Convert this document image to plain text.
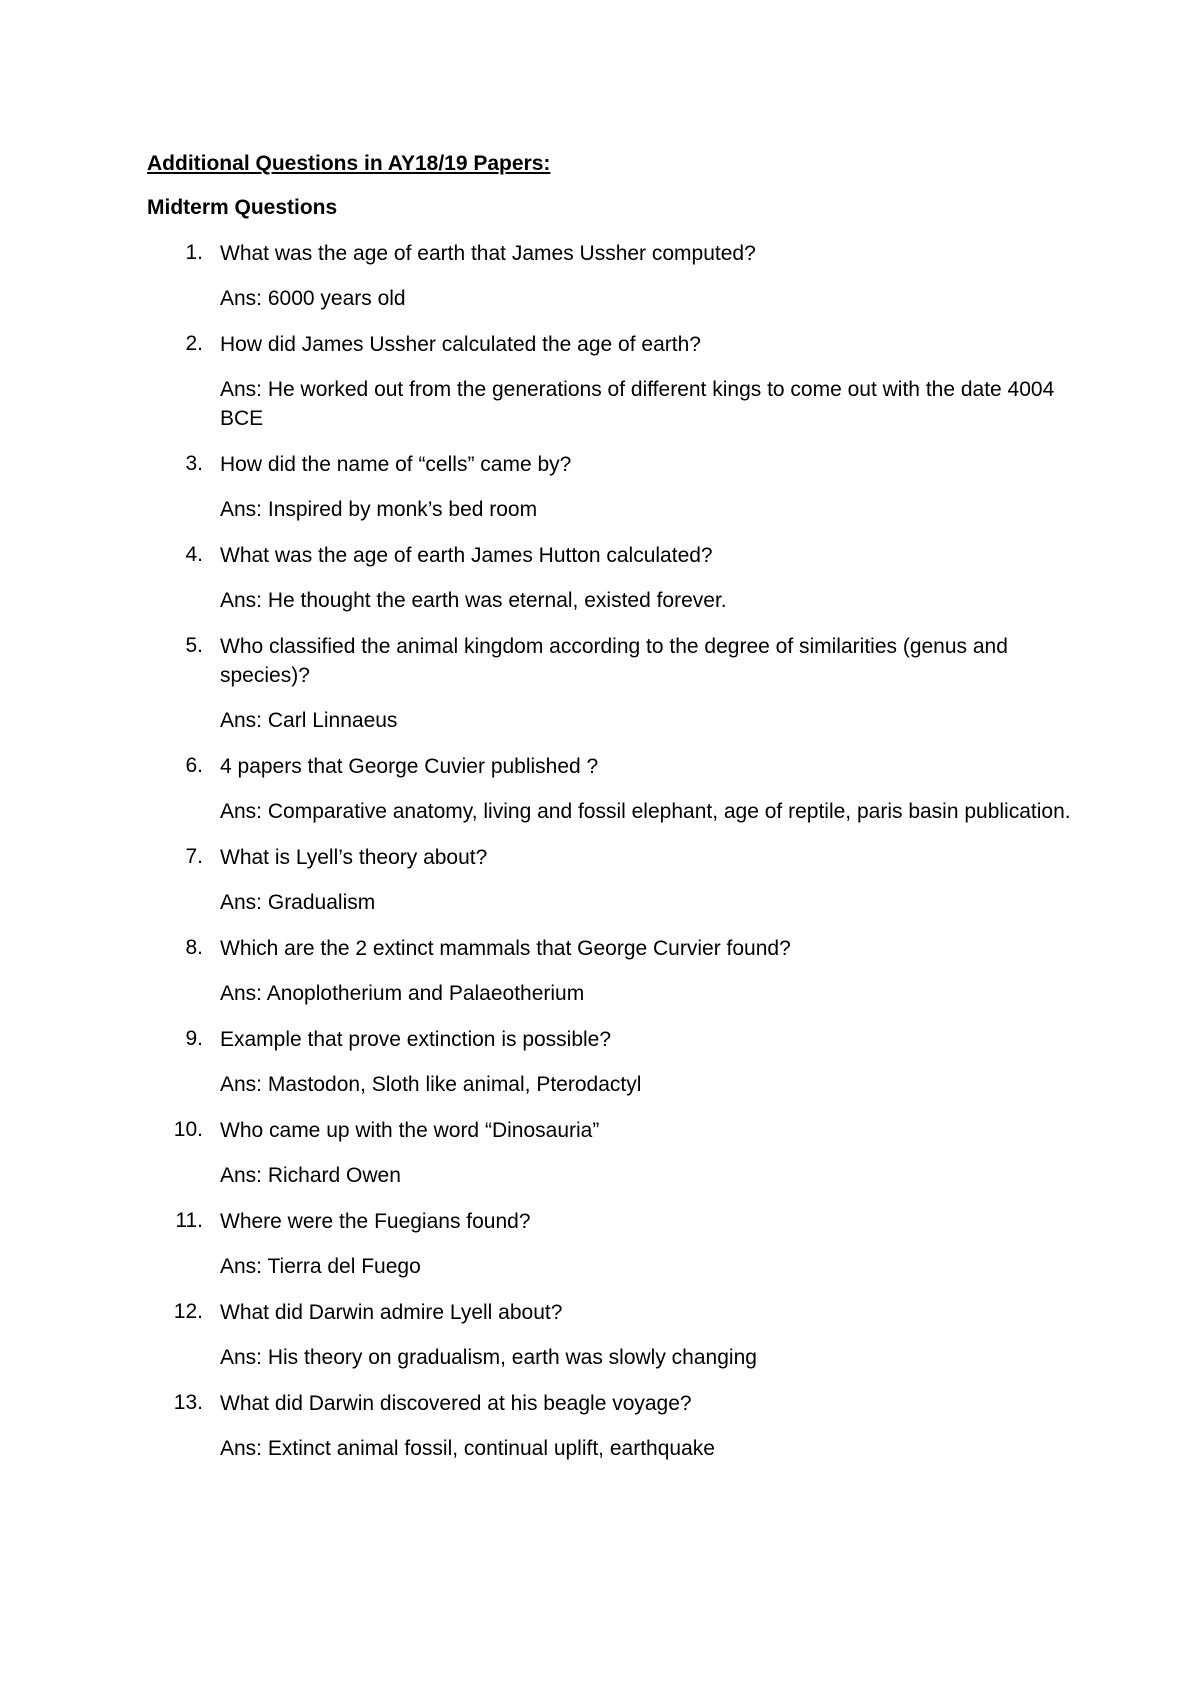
Additional Questions in AY18/19 Papers:
Midterm Questions
1. What was the age of earth that James Ussher computed?

Ans: 6000 years old

2. How did James Ussher calculated the age of earth?

Ans: He worked out from the generations of different kings to come out with the date 4004 BCE

3. How did the name of “cells” came by?

Ans: Inspired by monk’s bed room

4. What was the age of earth James Hutton calculated?

Ans: He thought the earth was eternal, existed forever.

5. Who classified the animal kingdom according to the degree of similarities (genus and species)?

Ans: Carl Linnaeus

6. 4 papers that George Cuvier published ?

Ans: Comparative anatomy, living and fossil elephant, age of reptile, paris basin publication.

7. What is Lyell’s theory about?

Ans: Gradualism

8. Which are the 2 extinct mammals that George Curvier found?

Ans: Anoplotherium and Palaeotherium

9. Example that prove extinction is possible?

Ans: Mastodon, Sloth like animal, Pterodactyl

10. Who came up with the word “Dinosauria”

Ans: Richard Owen

11. Where were the Fuegians found?

Ans: Tierra del Fuego

12. What did Darwin admire Lyell about?

Ans: His theory on gradualism, earth was slowly changing

13. What did Darwin discovered at his beagle voyage?

Ans: Extinct animal fossil, continual uplift, earthquake
